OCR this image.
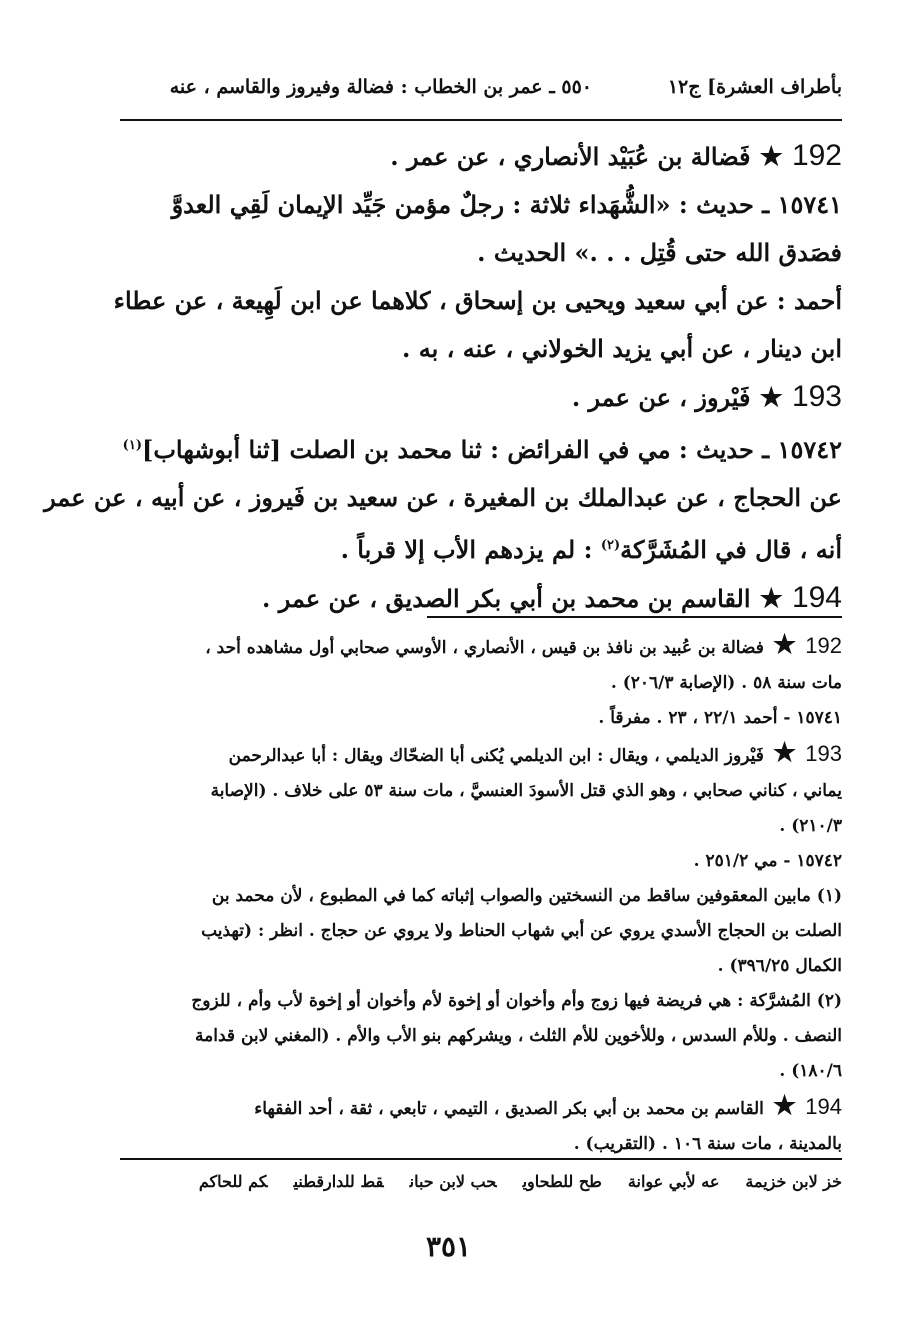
بأطراف العشرة] ج١٢
٥٥٠ ـ عمر بن الخطاب : فضالة وفيروز والقاسم ، عنه
192 ★ فَضالة بن عُبَيْد الأنصاري ، عن عمر .
١٥٧٤١ ـ حديث : «الشُّهَداء ثلاثة : رجلٌ مؤمن جَيِّد الإيمان لَقِي العدوَّ
فصَدق الله حتى قُتِل . . .» الحديث .
أحمد : عن أبي سعيد ويحيى بن إسحاق ، كلاهما عن ابن لَهِيعة ، عن عطاء
ابن دينار ، عن أبي يزيد الخولاني ، عنه ، به .
193 ★ فَيْروز ، عن عمر .
١٥٧٤٢ ـ حديث : مي في الفرائض : ثنا محمد بن الصلت [ثنا أبوشهاب]$^{(١)}$
عن الحجاج ، عن عبدالملك بن المغيرة ، عن سعيد بن فَيروز ، عن أبيه ، عن عمر
أنه ، قال في المُشَرَّكة$^{(٢)}$ : لم يزدهم الأب إلا قرباً .
194 ★ القاسم بن محمد بن أبي بكر الصديق ، عن عمر .
192 ★ فضالة بن عُبيد بن نافذ بن قيس ، الأنصاري ، الأوسي صحابي أول مشاهده أحد ،
مات سنة ٥٨ . (الإصابة ٢٠٦/٣) .
١٥٧٤١ - أحمد ٢٢/١ ، ٢٣ . مفرقاً .
193 ★ فَيْروز الديلمي ، ويقال : ابن الديلمي يُكنى أبا الضحّاك ويقال : أبا عبدالرحمن
يماني ، كناني صحابي ، وهو الذي قتل الأسودَ العنسيَّ ، مات سنة ٥٣ على خلاف . (الإصابة
٢١٠/٣) .
١٥٧٤٢ - مي ٢٥١/٢ .
(١) مابين المعقوفين ساقط من النسختين والصواب إثباته كما في المطبوع ، لأن محمد بن
الصلت بن الحجاج الأسدي يروي عن أبي شهاب الحناط ولا يروي عن حجاج . انظر : (تهذيب
الكمال ٣٩٦/٢٥) .
(٢) المُشرَّكة : هي فريضة فيها زوج وأم وأخوان أو إخوة لأم وأخوان أو إخوة لأب وأم ، للزوج
النصف . وللأم السدس ، وللأخوين للأم الثلث ، ويشركهم بنو الأب والأم . (المغني لابن قدامة
١٨٠/٦) .
194 ★ القاسم بن محمد بن أبي بكر الصديق ، التيمي ، تابعي ، ثقة ، أحد الفقهاء
بالمدينة ، مات سنة ١٠٦ . (التقريب) .
خز لابن خزيمةعه لأبي عوانةطح للطحاويحب لابن حبانقط للدارقطنيكم للحاكم
٣٥١
